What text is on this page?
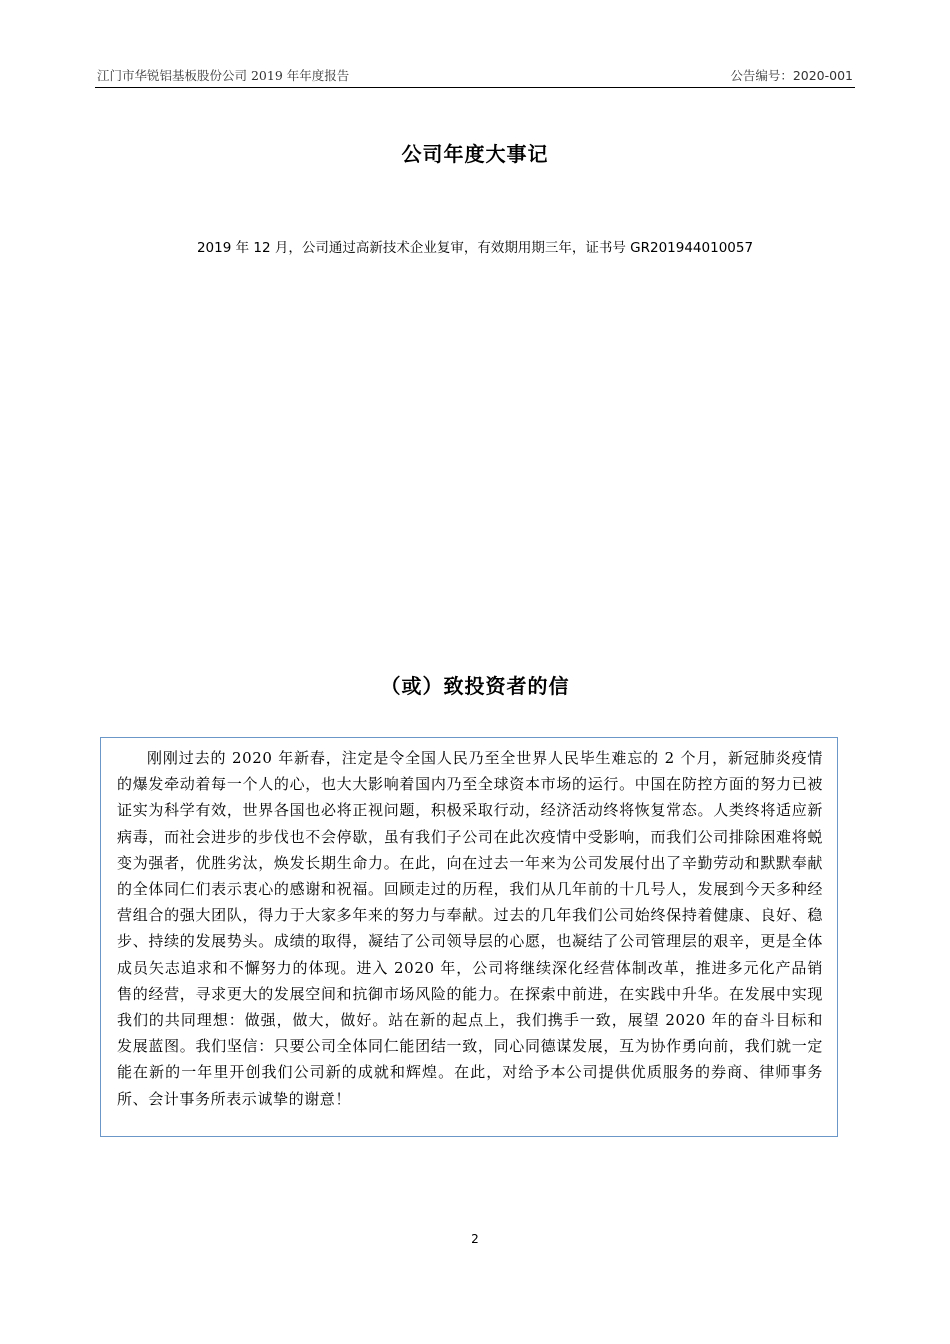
江门市华锐铝基板股份公司 2019 年年度报告	公告编号：2020-001
公司年度大事记
2019 年 12 月，公司通过高新技术企业复审，有效期用期三年，证书号 GR201944010057
（或）致投资者的信

刚刚过去的 2020 年新春，注定是令全国人民乃至全世界人民毕生难忘的 2 个月，新冠肺炎疫情的爆发牵动着每一个人的心，也大大影响着国内乃至全球资本市场的运行。中国在防控方面的努力已被证实为科学有效，世界各国也必将正视问题，积极采取行动，经济活动终将恢复常态。人类终将适应新病毒，而社会进步的步伐也不会停歇，虽有我们子公司在此次疫情中受影响，而我们公司排除困难将蜕变为强者，优胜劣汰，焕发长期生命力。在此，向在过去一年来为公司发展付出了辛勤劳动和默默奉献的全体同仁们表示衷心的感谢和祝福。回顾走过的历程，我们从几年前的十几号人，发展到今天多种经营组合的强大团队，得力于大家多年来的努力与奉献。过去的几年我们公司始终保持着健康、良好、稳步、持续的发展势头。成绩的取得，凝结了公司领导层的心愿，也凝结了公司管理层的艰辛，更是全体成员矢志追求和不懈努力的体现。进入 2020 年，公司将继续深化经营体制改革，推进多元化产品销售的经营，寻求更大的发展空间和抗御市场风险的能力。在探索中前进，在实践中升华。在发展中实现我们的共同理想：做强，做大，做好。站在新的起点上，我们携手一致，展望 2020 年的奋斗目标和发展蓝图。我们坚信：只要公司全体同仁能团结一致，同心同德谋发展，互为协作勇向前，我们就一定能在新的一年里开创我们公司新的成就和辉煌。在此，对给予本公司提供优质服务的券商、律师事务所、会计事务所表示诚挚的谢意！

2
